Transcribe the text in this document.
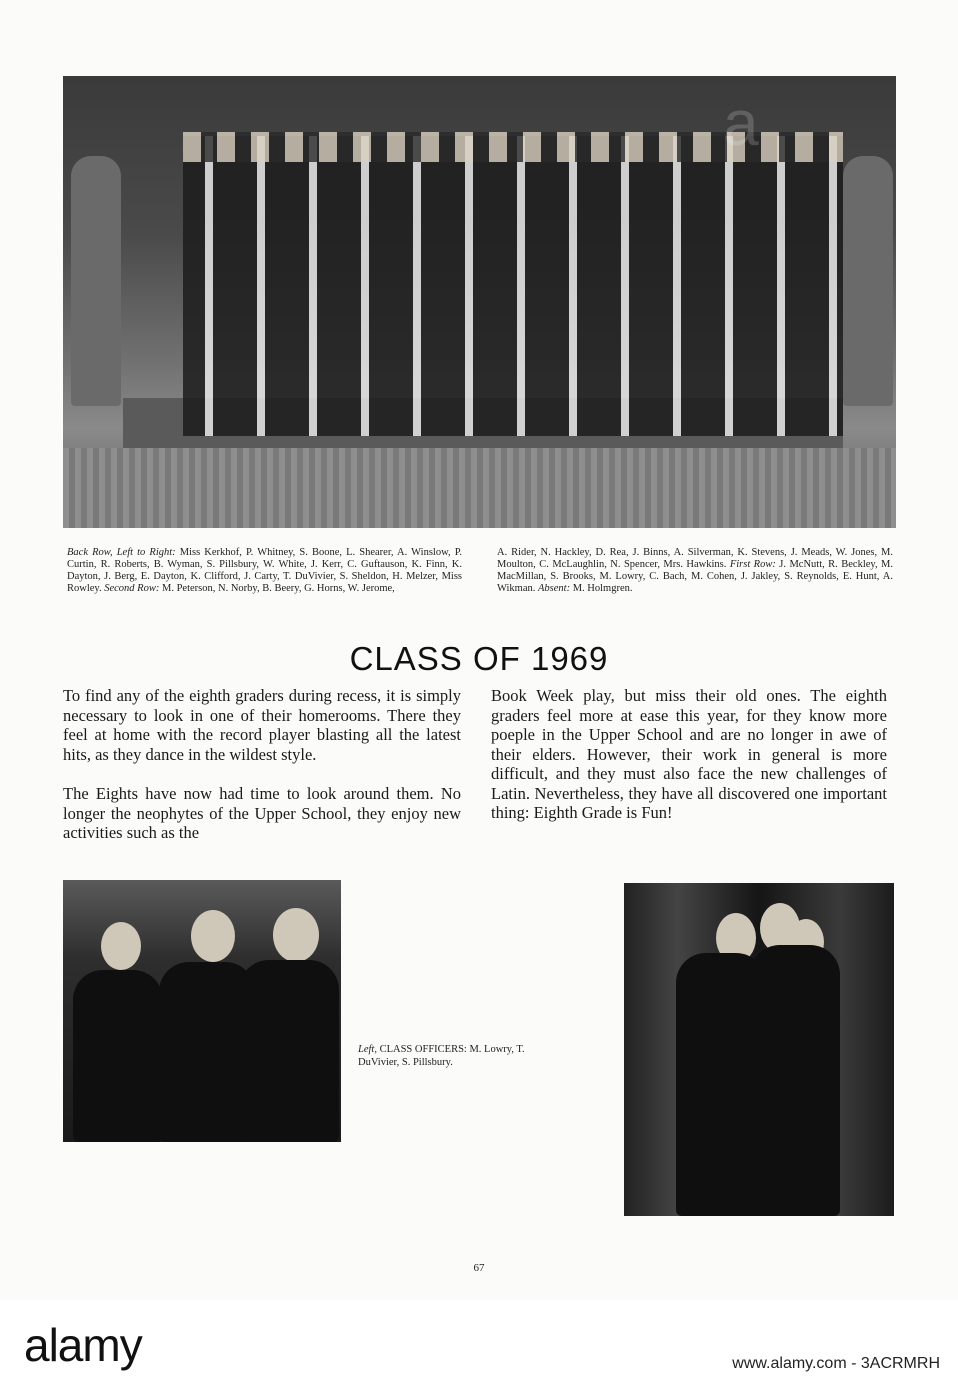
a
Back Row, Left to Right: Miss Kerkhof, P. Whitney, S. Boone, L. Shearer, A. Winslow, P. Curtin, R. Roberts, B. Wyman, S. Pillsbury, W. White, J. Kerr, C. Guftauson, K. Finn, K. Dayton, J. Berg, E. Dayton, K. Clifford, J. Carty, T. DuVivier, S. Sheldon, H. Melzer, Miss Rowley. Second Row: M. Peterson, N. Norby, B. Beery, G. Horns, W. Jerome,
A. Rider, N. Hackley, D. Rea, J. Binns, A. Silverman, K. Stevens, J. Meads, W. Jones, M. Moulton, C. McLaughlin, N. Spencer, Mrs. Hawkins. First Row: J. McNutt, R. Beckley, M. MacMillan, S. Brooks, M. Lowry, C. Bach, M. Cohen, J. Jakley, S. Reynolds, E. Hunt, A. Wikman. Absent: M. Holmgren.
CLASS OF 1969

To find any of the eighth graders during recess, it is simply necessary to look in one of their homerooms. There they feel at home with the record player blasting all the latest hits, as they dance in the wildest style.

The Eights have now had time to look around them. No longer the neophytes of the Upper School, they enjoy new activities such as the

Book Week play, but miss their old ones. The eighth graders feel more at ease this year, for they know more poeple in the Upper School and are no longer in awe of their elders. However, their work in general is more difficult, and they must also face the new challenges of Latin. Nevertheless, they have all discovered one important thing: Eighth Grade is Fun!

Left, CLASS OFFICERS: M. Lowry, T. DuVivier, S. Pillsbury.
67
alamy	www.alamy.com - 3ACRMRH
